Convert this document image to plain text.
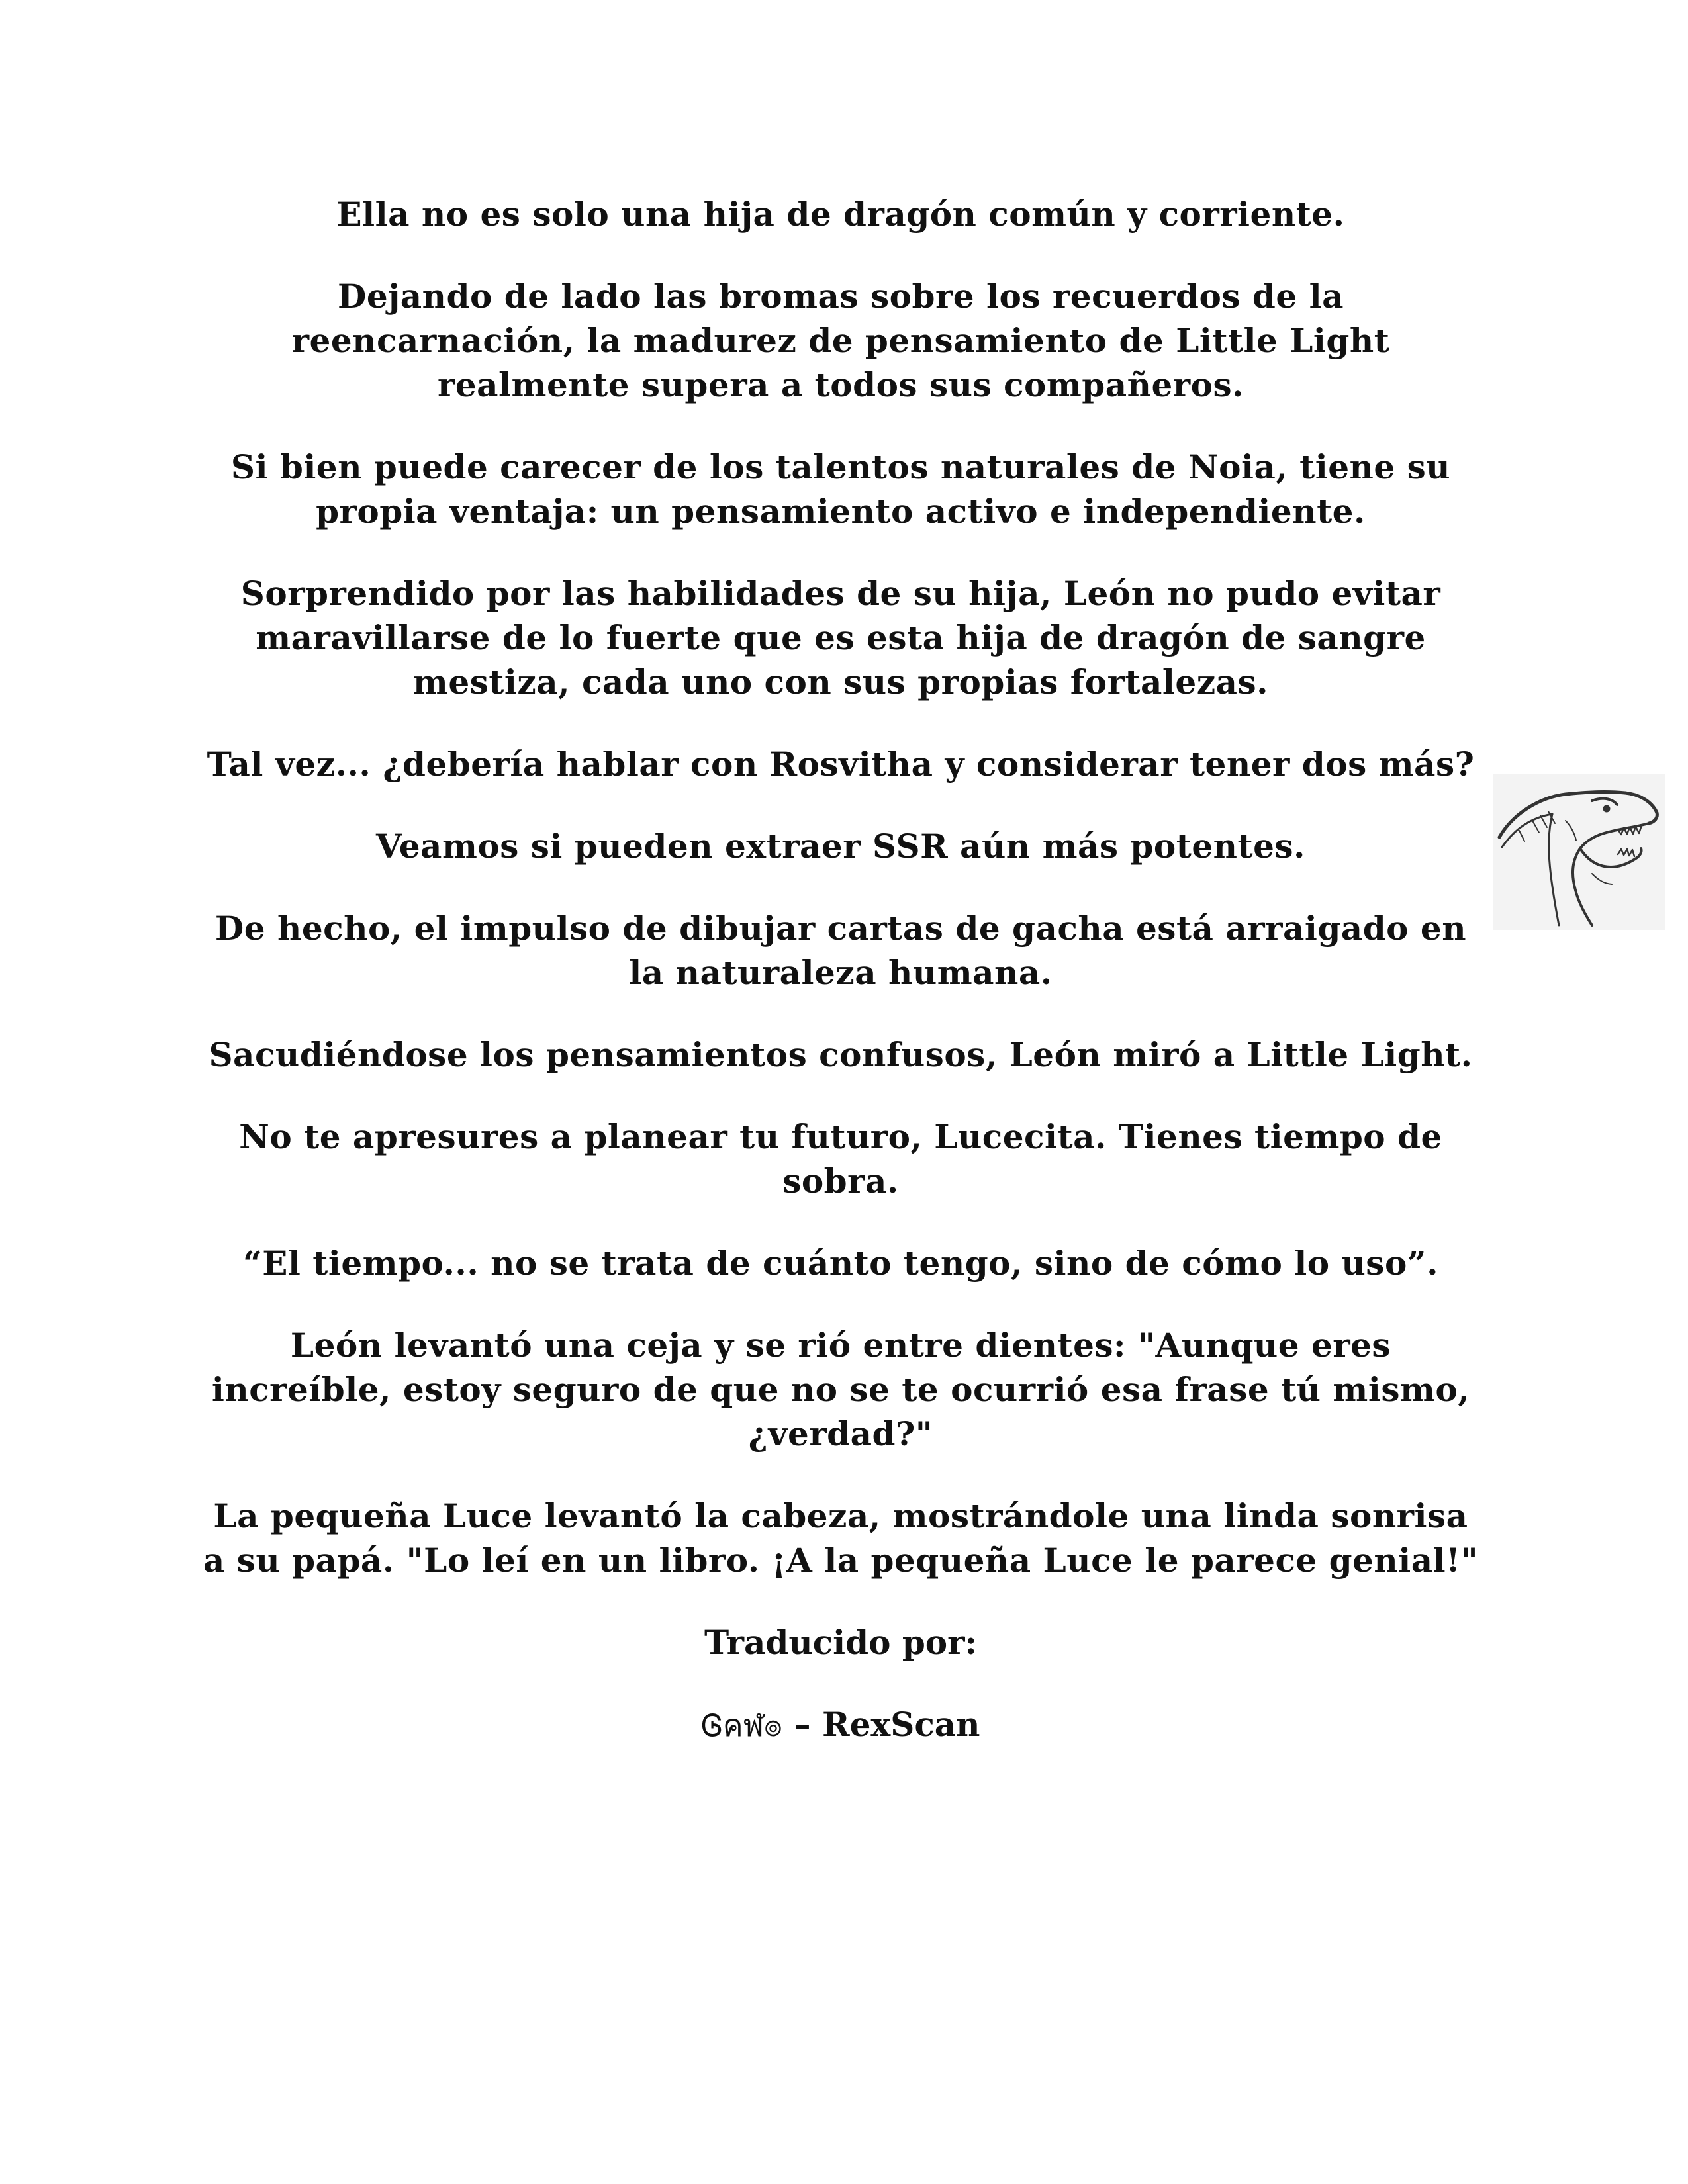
Ella no es solo una hija de dragón común y corriente.

Dejando de lado las bromas sobre los recuerdos de la reencarnación, la madurez de pensamiento de Little Light realmente supera a todos sus compañeros.

Si bien puede carecer de los talentos naturales de Noia, tiene su propia ventaja: un pensamiento activo e independiente.

Sorprendido por las habilidades de su hija, León no pudo evitar maravillarse de lo fuerte que es esta hija de dragón de sangre mestiza, cada uno con sus propias fortalezas.

Tal vez... ¿debería hablar con Rosvitha y considerar tener dos más?

Veamos si pueden extraer SSR aún más potentes.

De hecho, el impulso de dibujar cartas de gacha está arraigado en la naturaleza humana.

Sacudiéndose los pensamientos confusos, León miró a Little Light.

No te apresures a planear tu futuro, Lucecita. Tienes tiempo de sobra.

“El tiempo... no se trata de cuánto tengo, sino de cómo lo uso”.

León levantó una ceja y se rió entre dientes: "Aunque eres increíble, estoy seguro de que no se te ocurrió esa frase tú mismo, ¿verdad?"

La pequeña Luce levantó la cabeza, mostrándole una linda sonrisa a su papá. "Lo leí en un libro. ¡A la pequeña Luce le parece genial!"

Traducido por:

Ꮆคฬ๏ – RexScan
